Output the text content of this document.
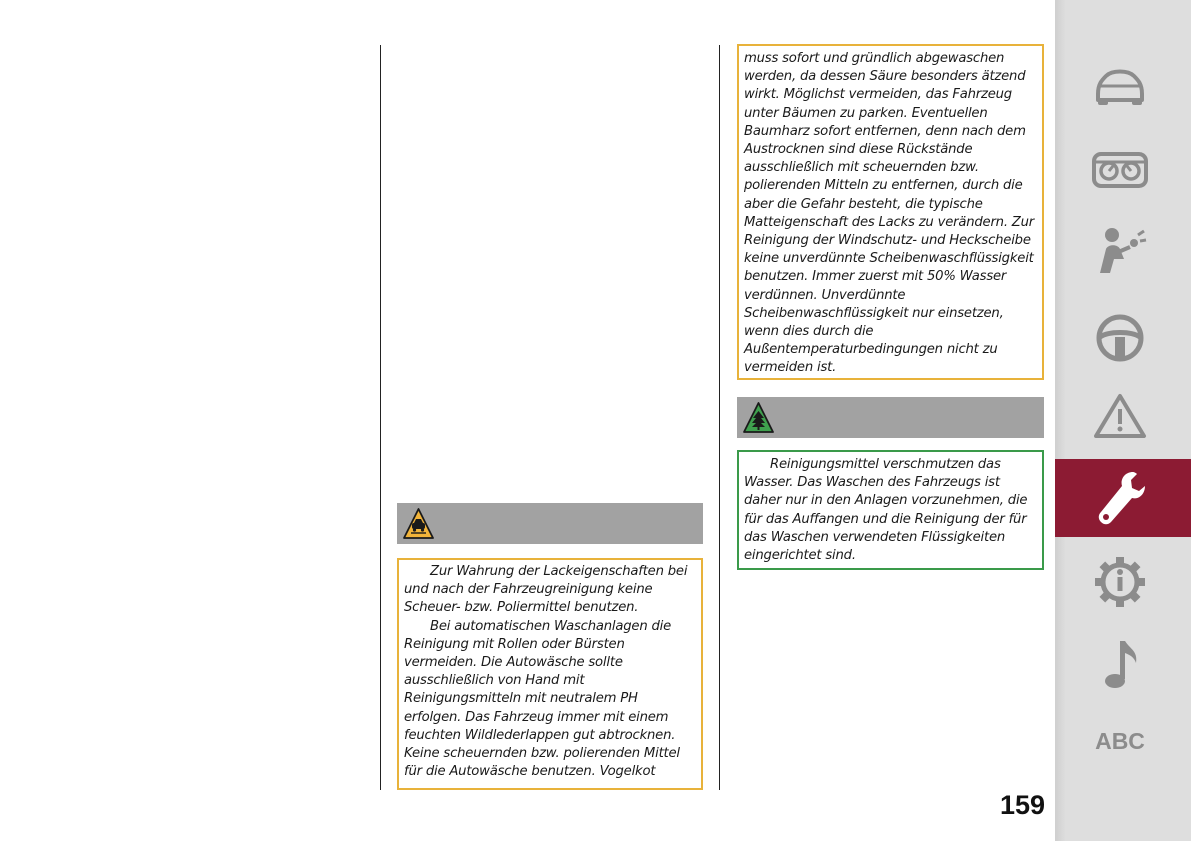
Zur Wahrung der Lackeigenschaften bei und nach der Fahrzeugreinigung keine Scheuer- bzw. Poliermittel benutzen.

Bei automatischen Waschanlagen die Reinigung mit Rollen oder Bürsten vermeiden. Die Autowäsche sollte ausschließlich von Hand mit Reinigungsmitteln mit neutralem PH erfolgen. Das Fahrzeug immer mit einem feuchten Wildlederlappen gut abtrocknen. Keine scheuernden bzw. polierenden Mittel für die Autowäsche benutzen. Vogelkot

muss sofort und gründlich abgewaschen werden, da dessen Säure besonders ätzend wirkt. Möglichst vermeiden, das Fahrzeug unter Bäumen zu parken. Eventuellen Baumharz sofort entfernen, denn nach dem Austrocknen sind diese Rückstände ausschließlich mit scheuernden bzw. polierenden Mitteln zu entfernen, durch die aber die Gefahr besteht, die typische Matteigenschaft des Lacks zu verändern. Zur Reinigung der Windschutz- und Heckscheibe keine unverdünnte Scheibenwaschflüssigkeit benutzen. Immer zuerst mit 50% Wasser verdünnen. Unverdünnte Scheibenwaschflüssigkeit nur einsetzen, wenn dies durch die Außentemperaturbedingungen nicht zu vermeiden ist.

Reinigungsmittel verschmutzen das Wasser. Das Waschen des Fahrzeugs ist daher nur in den Anlagen vorzunehmen, die für das Auffangen und die Reinigung der für das Waschen verwendeten Flüssigkeiten eingerichtet sind.

159
ABC
